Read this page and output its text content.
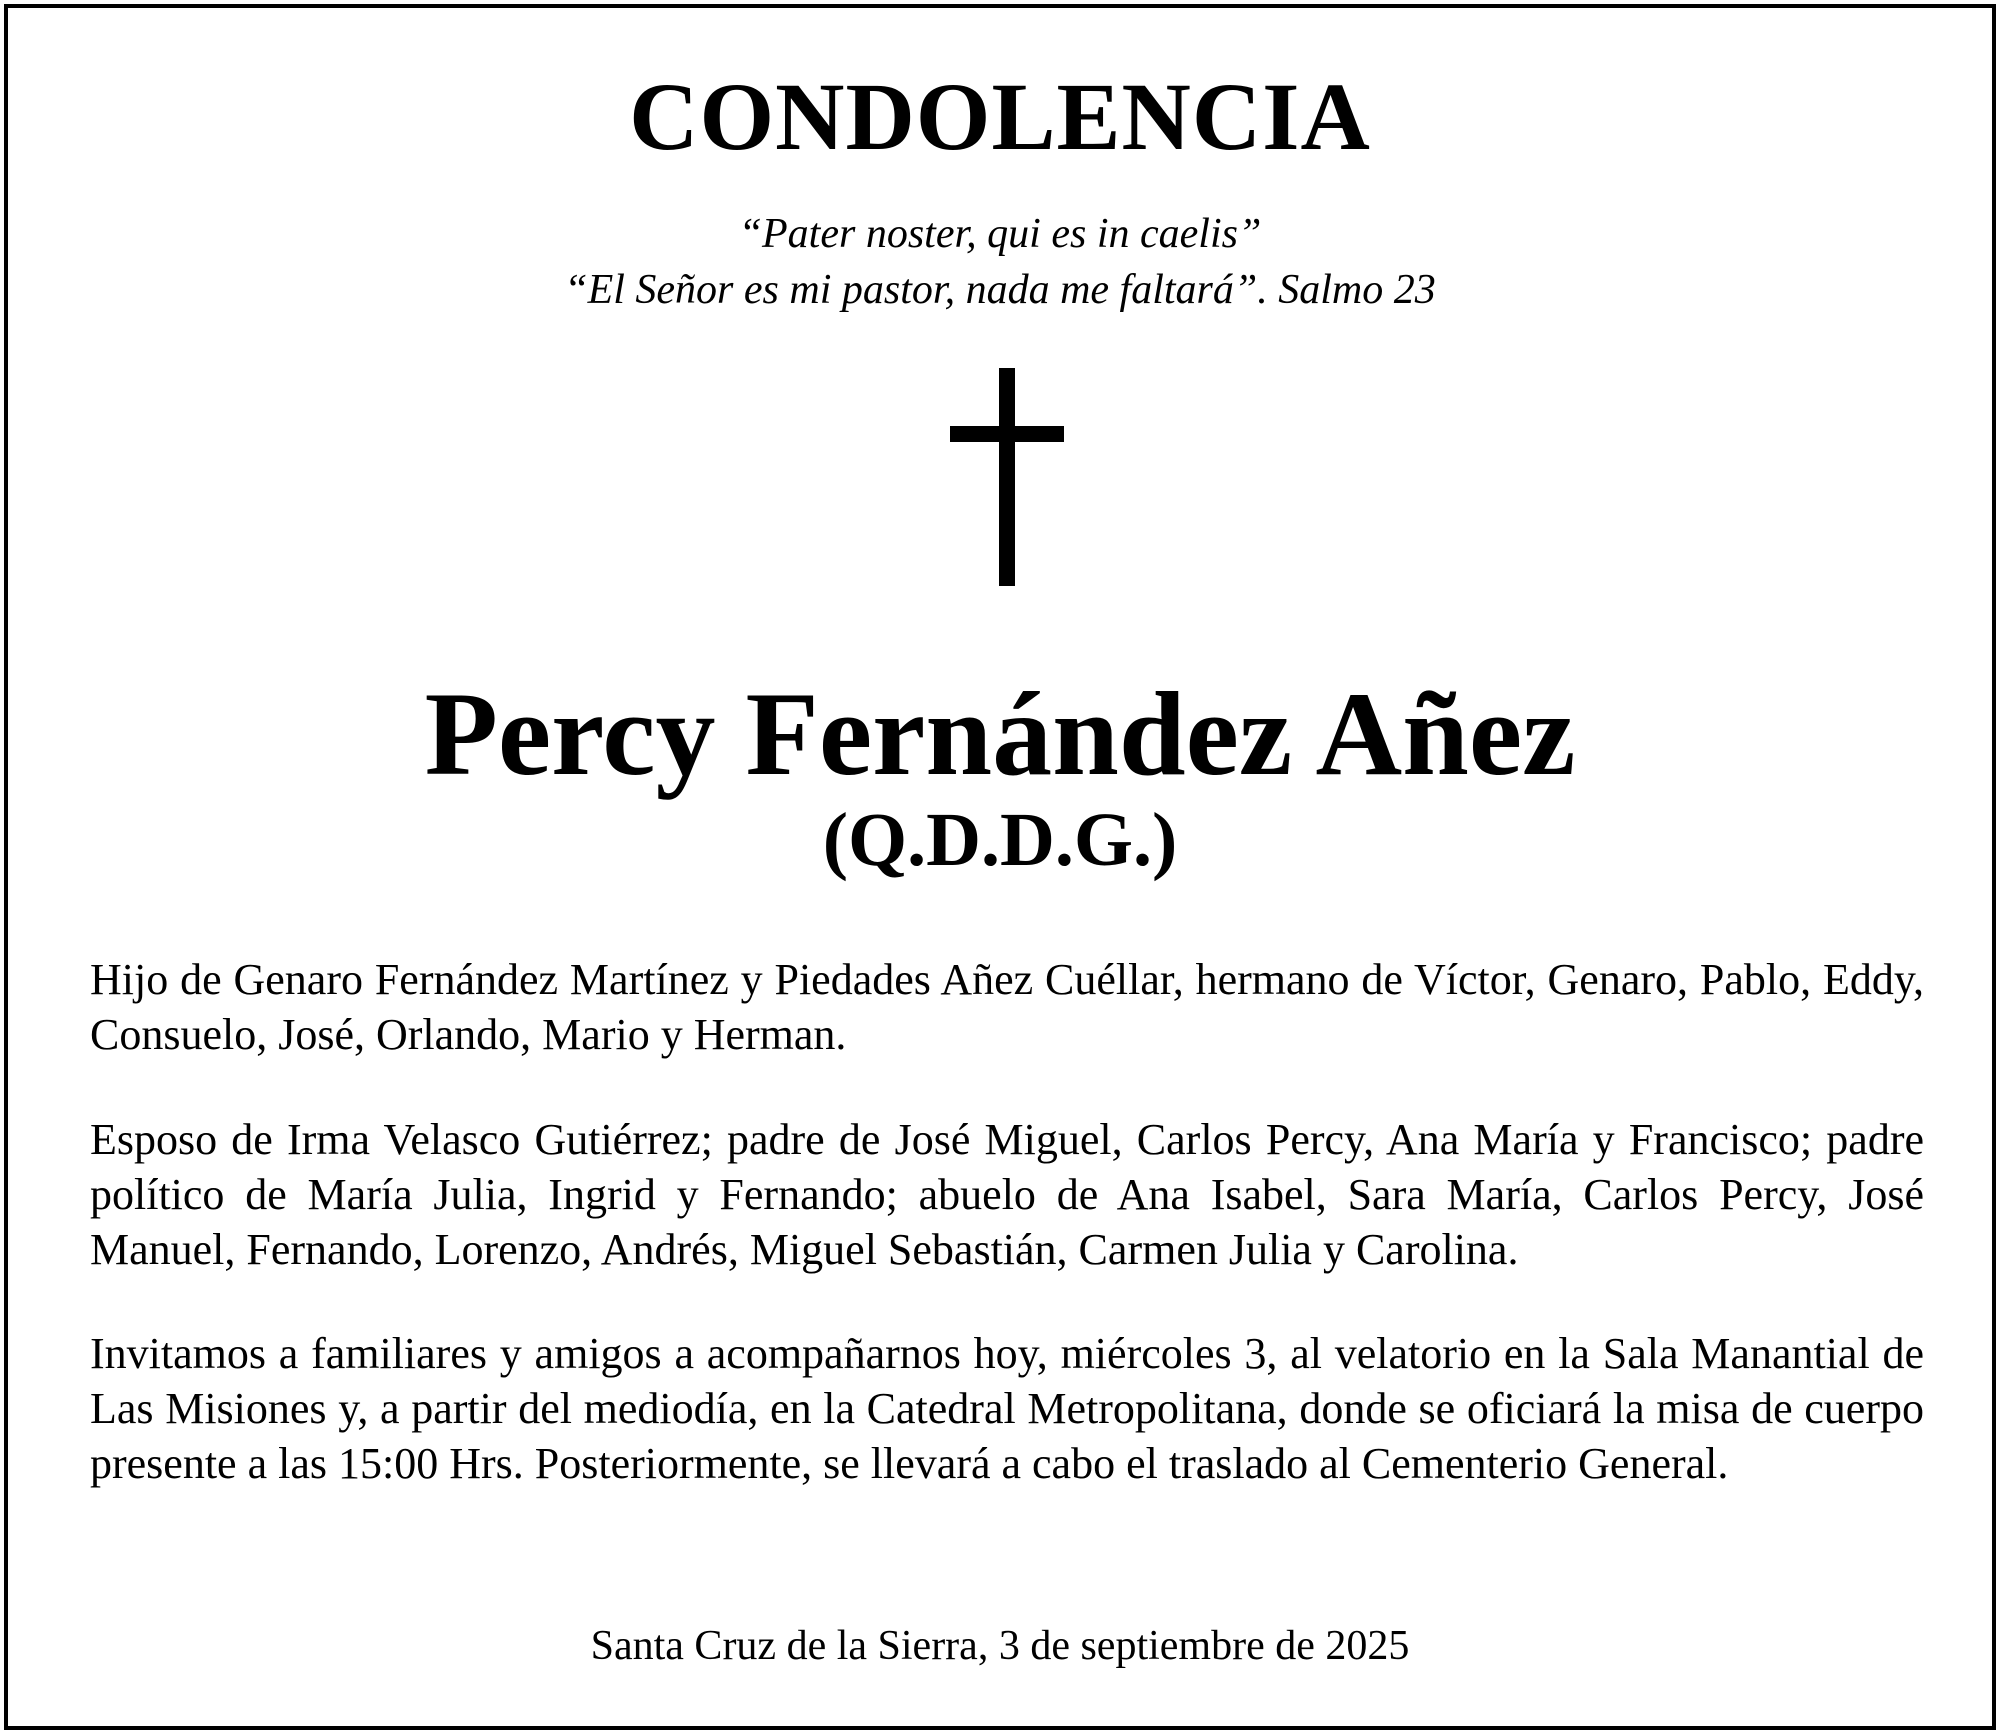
CONDOLENCIA
“Pater noster, qui es in caelis”
“El Señor es mi pastor, nada me faltará”. Salmo 23
Percy Fernández Añez
(Q.D.D.G.)
Hijo de Genaro Fernández Martínez y Piedades Añez Cuéllar, hermano de Víctor, Genaro, Pablo, Eddy, Consuelo, José, Orlando, Mario y Herman.
Esposo de Irma Velasco Gutiérrez; padre de José Miguel, Carlos Percy, Ana María y Francisco; padre político de María Julia, Ingrid y Fernando; abuelo de Ana Isabel, Sara María, Carlos Percy, José Manuel, Fernando, Lorenzo, Andrés, Miguel Sebastián, Carmen Julia y Carolina.
Invitamos a familiares y amigos a acompañarnos hoy, miércoles 3, al velatorio en la Sala Manantial de Las Misiones y, a partir del mediodía, en la Catedral Metropolitana, donde se oficiará la misa de cuerpo presente a las 15:00 Hrs. Posteriormente, se llevará a cabo el traslado al Cementerio General.
Santa Cruz de la Sierra, 3 de septiembre de 2025
